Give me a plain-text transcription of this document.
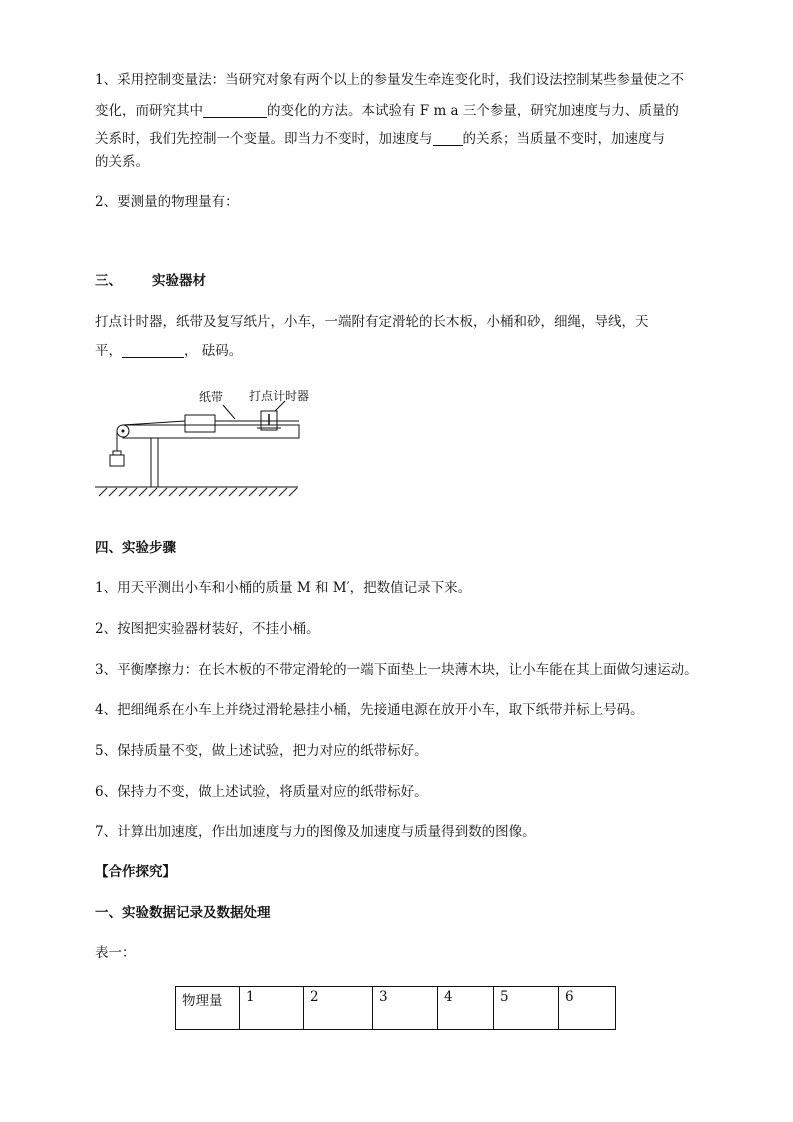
1、采用控制变量法：当研究对象有两个以上的参量发生牵连变化时，我们设法控制某些参量使之不
变化，而研究其中	的变化的方法。本试验有 F m a 三个参量，研究加速度与力、质量的
关系时，我们先控制一个变量。即当力不变时，加速度与 的关系；当质量不变时，加速度与
的关系。
2、要测量的物理量有：
三、 实验器材
打点计时器，纸带及复写纸片，小车，一端附有定滑轮的长木板，小桶和砂，细绳，导线，天
平，	， 砝码。
纸带 打点计时器
四、实验步骤
1、用天平测出小车和小桶的质量 M 和 M′，把数值记录下来。
2、按图把实验器材装好，不挂小桶。
3、平衡摩擦力：在长木板的不带定滑轮的一端下面垫上一块薄木块，让小车能在其上面做匀速运动。
4、把细绳系在小车上并绕过滑轮悬挂小桶，先接通电源在放开小车，取下纸带并标上号码。
5、保持质量不变，做上述试验，把力对应的纸带标好。
6、保持力不变，做上述试验，将质量对应的纸带标好。
7、计算出加速度，作出加速度与力的图像及加速度与质量得到数的图像。
【合作探究】
一、实验数据记录及数据处理
表一：
物理量	1	2	3	4	5	6
